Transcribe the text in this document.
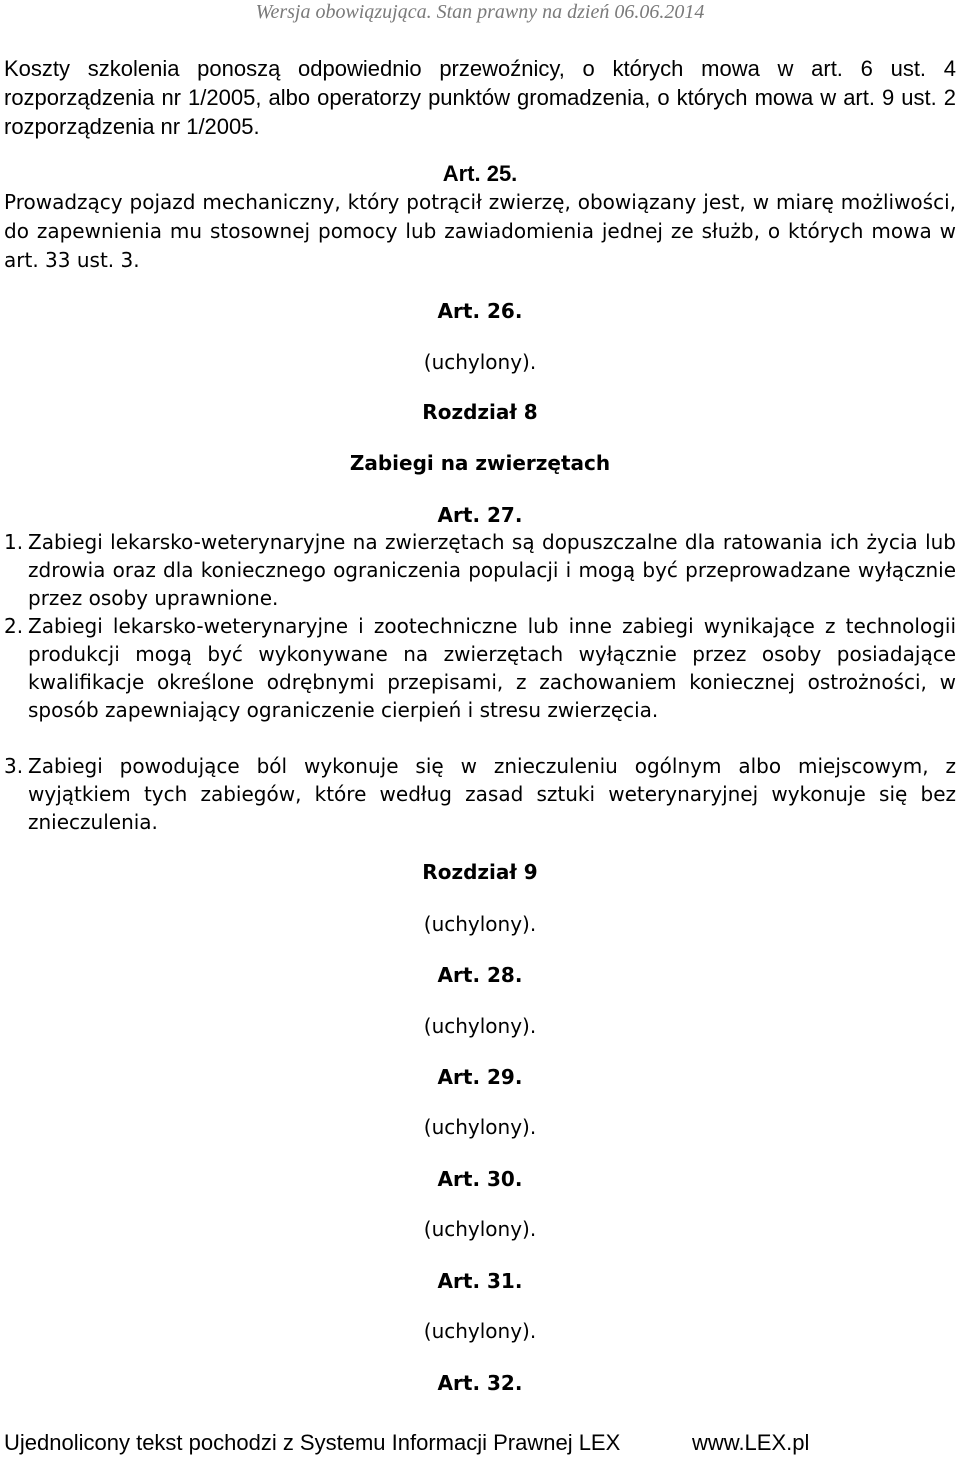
Wersja obowiązująca. Stan prawny na dzień 06.06.2014
Koszty szkolenia ponoszą odpowiednio przewoźnicy, o których mowa w art. 6 ust. 4 rozporządzenia nr 1/2005, albo operatorzy punktów gromadzenia, o których mowa w art. 9 ust. 2 rozporządzenia nr 1/2005.
Art. 25.
Prowadzący pojazd mechaniczny, który potrącił zwierzę, obowiązany jest, w miarę możliwości, do zapewnienia mu stosownej pomocy lub zawiadomienia jednej ze służb, o których mowa w art. 33 ust. 3.
Art. 26.
(uchylony).
Rozdział 8
Zabiegi na zwierzętach
Art. 27.
1. Zabiegi lekarsko-weterynaryjne na zwierzętach są dopuszczalne dla ratowania ich życia lub zdrowia oraz dla koniecznego ograniczenia populacji i mogą być przeprowadzane wyłącznie przez osoby uprawnione.
2. Zabiegi lekarsko-weterynaryjne i zootechniczne lub inne zabiegi wynikające z technologii produkcji mogą być wykonywane na zwierzętach wyłącznie przez osoby posiadające kwalifikacje określone odrębnymi przepisami, z zachowaniem koniecznej ostrożności, w sposób zapewniający ograniczenie cierpień i stresu zwierzęcia.
3. Zabiegi powodujące ból wykonuje się w znieczuleniu ogólnym albo miejscowym, z wyjątkiem tych zabiegów, które według zasad sztuki weterynaryjnej wykonuje się bez znieczulenia.
Rozdział 9
(uchylony).
Art. 28.
(uchylony).
Art. 29.
(uchylony).
Art. 30.
(uchylony).
Art. 31.
(uchylony).
Art. 32.
Ujednolicony tekst pochodzi z Systemu Informacji Prawnej LEX	www.LEX.pl
